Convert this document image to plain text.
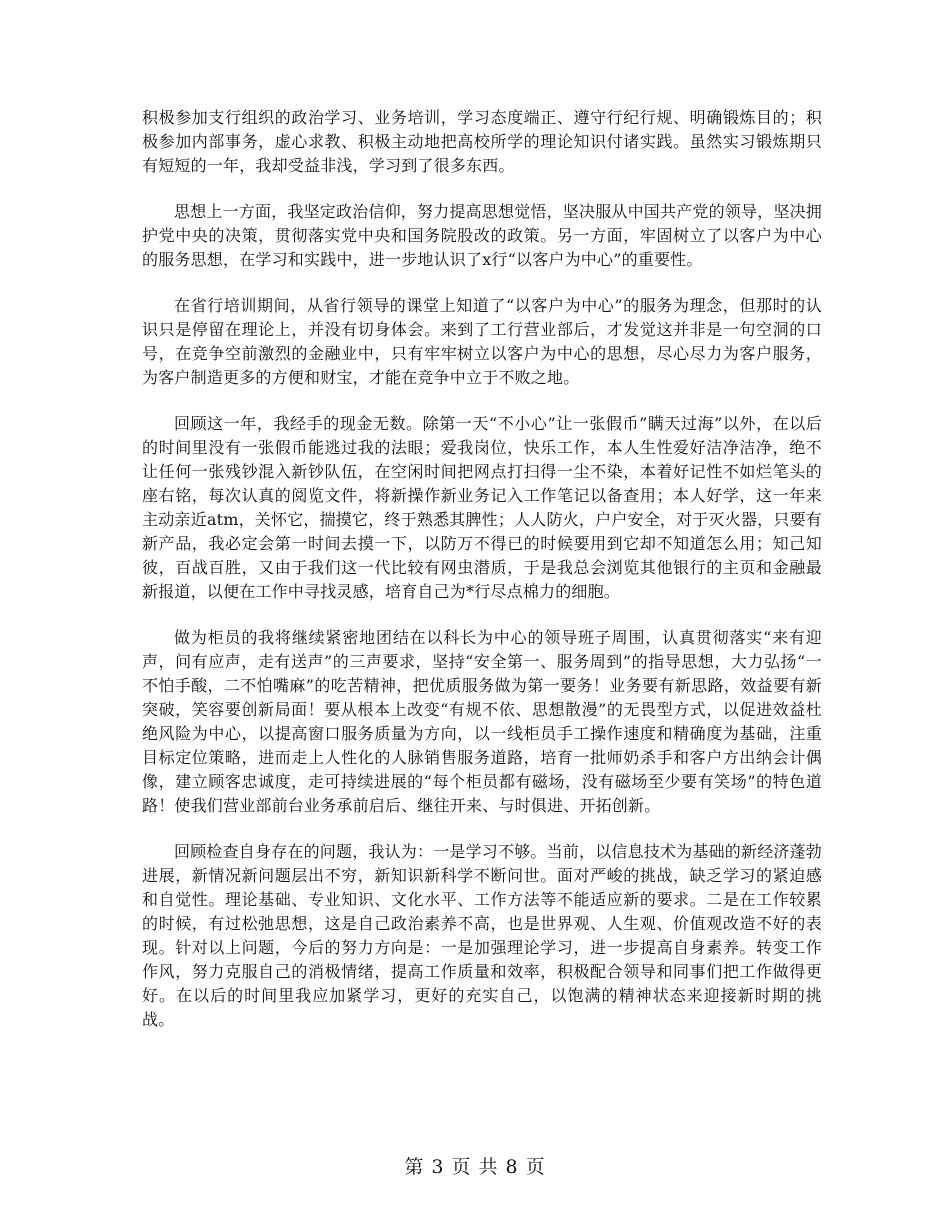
积极参加支行组织的政治学习、业务培训，学习态度端正、遵守行纪行规、明确锻炼目的；积极参加内部事务，虚心求教、积极主动地把高校所学的理论知识付诸实践。虽然实习锻炼期只有短短的一年，我却受益非浅，学习到了很多东西。

思想上一方面，我坚定政治信仰，努力提高思想觉悟，坚决服从中国共产党的领导，坚决拥护党中央的决策，贯彻落实党中央和国务院股改的政策。另一方面，牢固树立了以客户为中心的服务思想，在学习和实践中，进一步地认识了x行“以客户为中心”的重要性。

在省行培训期间，从省行领导的课堂上知道了“以客户为中心”的服务为理念，但那时的认识只是停留在理论上，并没有切身体会。来到了工行营业部后，才发觉这并非是一句空洞的口号，在竞争空前激烈的金融业中，只有牢牢树立以客户为中心的思想，尽心尽力为客户服务，为客户制造更多的方便和财宝，才能在竞争中立于不败之地。

回顾这一年，我经手的现金无数。除第一天“不小心”让一张假币”瞒天过海”以外，在以后的时间里没有一张假币能逃过我的法眼；爱我岗位，快乐工作，本人生性爱好洁净洁净，绝不让任何一张残钞混入新钞队伍，在空闲时间把网点打扫得一尘不染，本着好记性不如烂笔头的座右铭，每次认真的阅览文件，将新操作新业务记入工作笔记以备查用；本人好学，这一年来主动亲近atm，关怀它，揣摸它，终于熟悉其脾性；人人防火，户户安全，对于灭火器，只要有新产品，我必定会第一时间去摸一下，以防万不得已的时候要用到它却不知道怎么用；知己知彼，百战百胜，又由于我们这一代比较有网虫潜质，于是我总会浏览其他银行的主页和金融最新报道，以便在工作中寻找灵感，培育自己为*行尽点棉力的细胞。

做为柜员的我将继续紧密地团结在以科长为中心的领导班子周围，认真贯彻落实“来有迎声，问有应声，走有送声”的三声要求，坚持“安全第一、服务周到”的指导思想，大力弘扬“一不怕手酸，二不怕嘴麻”的吃苦精神，把优质服务做为第一要务！业务要有新思路，效益要有新突破，笑容要创新局面！要从根本上改变“有规不依、思想散漫”的无畏型方式，以促进效益杜绝风险为中心，以提高窗口服务质量为方向，以一线柜员手工操作速度和精确度为基础，注重目标定位策略，进而走上人性化的人脉销售服务道路，培育一批师奶杀手和客户方出纳会计偶像，建立顾客忠诚度，走可持续进展的“每个柜员都有磁场，没有磁场至少要有笑场”的特色道路！使我们营业部前台业务承前启后、继往开来、与时俱进、开拓创新。

回顾检查自身存在的问题，我认为：一是学习不够。当前，以信息技术为基础的新经济蓬勃进展，新情况新问题层出不穷，新知识新科学不断问世。面对严峻的挑战，缺乏学习的紧迫感和自觉性。理论基础、专业知识、文化水平、工作方法等不能适应新的要求。二是在工作较累的时候，有过松弛思想，这是自己政治素养不高，也是世界观、人生观、价值观改造不好的表现。针对以上问题，今后的努力方向是：一是加强理论学习，进一步提高自身素养。转变工作作风，努力克服自己的消极情绪，提高工作质量和效率，积极配合领导和同事们把工作做得更好。在以后的时间里我应加紧学习，更好的充实自己，以饱满的精神状态来迎接新时期的挑战。

第 3 页 共 8 页
